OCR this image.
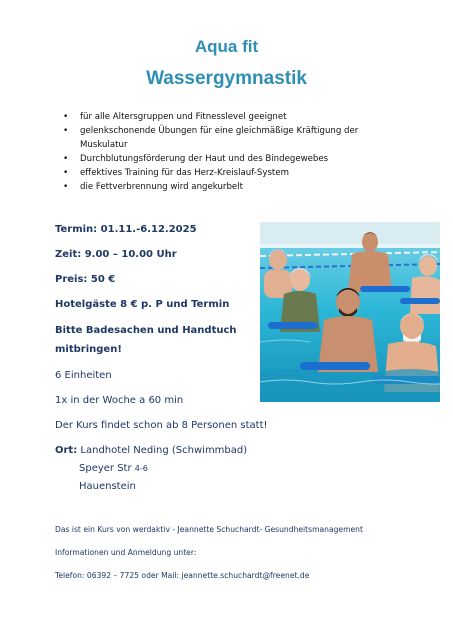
Aqua fit
Wassergymnastik
• für alle Altersgruppen und Fitnesslevel geeignet
• gelenkschonende Übungen für eine gleichmäßige Kräftigung der Muskulatur
• Durchblutungsförderung der Haut und des Bindegewebes
• effektives Training für das Herz-Kreislauf-System
• die Fettverbrennung wird angekurbelt
Termin: 01.11.-6.12.2025
Zeit: 9.00 – 10.00 Uhr
Preis: 50 €
Hotelgäste 8 € p. P und Termin
Bitte Badesachen und Handtuch
mitbringen!
6 Einheiten
1x in der Woche a 60 min
Der Kurs findet schon ab 8 Personen statt!
Ort: Landhotel Neding (Schwimmbad)
Speyer Str 4-6
Hauenstein
Das ist ein Kurs von werdaktiv - Jeannette Schuchardt- Gesundheitsmanagement
Informationen und Anmeldung unter:
Telefon: 06392 – 7725 oder Mail: jeannette.schuchardt@freenet.de
